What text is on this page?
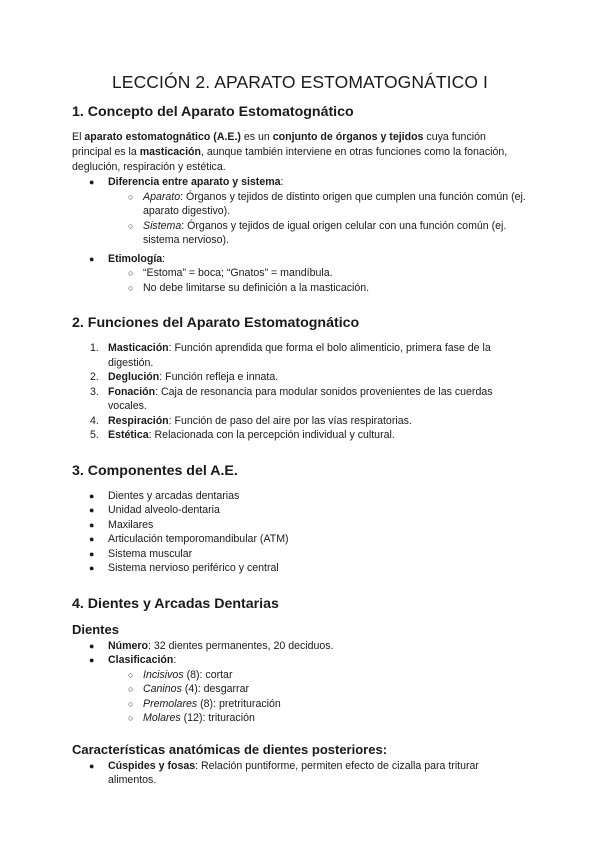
LECCIÓN 2. APARATO ESTOMATOGNÁTICO I
1. Concepto del Aparato Estomatognático

El aparato estomatognático (A.E.) es un conjunto de órganos y tejidos cuya función principal es la masticación, aunque también interviene en otras funciones como la fonación, deglución, respiración y estética.

● Diferencia entre aparato y sistema:
○ Aparato: Órganos y tejidos de distinto origen que cumplen una función común (ej. aparato digestivo).
○ Sistema: Órganos y tejidos de igual origen celular con una función común (ej. sistema nervioso).
● Etimología:
○ “Estoma” = boca; “Gnatos” = mandíbula.
○ No debe limitarse su definición a la masticación.
2. Funciones del Aparato Estomatognático
1. Masticación: Función aprendida que forma el bolo alimenticio, primera fase de la digestión.
2. Deglución: Función refleja e innata.
3. Fonación: Caja de resonancia para modular sonidos provenientes de las cuerdas vocales.
4. Respiración: Función de paso del aire por las vías respiratorias.
5. Estética: Relacionada con la percepción individual y cultural.
3. Componentes del A.E.
● Dientes y arcadas dentarias
● Unidad alveolo-dentaria
● Maxilares
● Articulación temporomandibular (ATM)
● Sistema muscular
● Sistema nervioso periférico y central
4. Dientes y Arcadas Dentarias
Dientes
● Número: 32 dientes permanentes, 20 deciduos.
● Clasificación:
○ Incisivos (8): cortar
○ Caninos (4): desgarrar
○ Premolares (8): pretrituración
○ Molares (12): trituración
Características anatómicas de dientes posteriores:
● Cúspides y fosas: Relación puntiforme, permiten efecto de cizalla para triturar alimentos.
